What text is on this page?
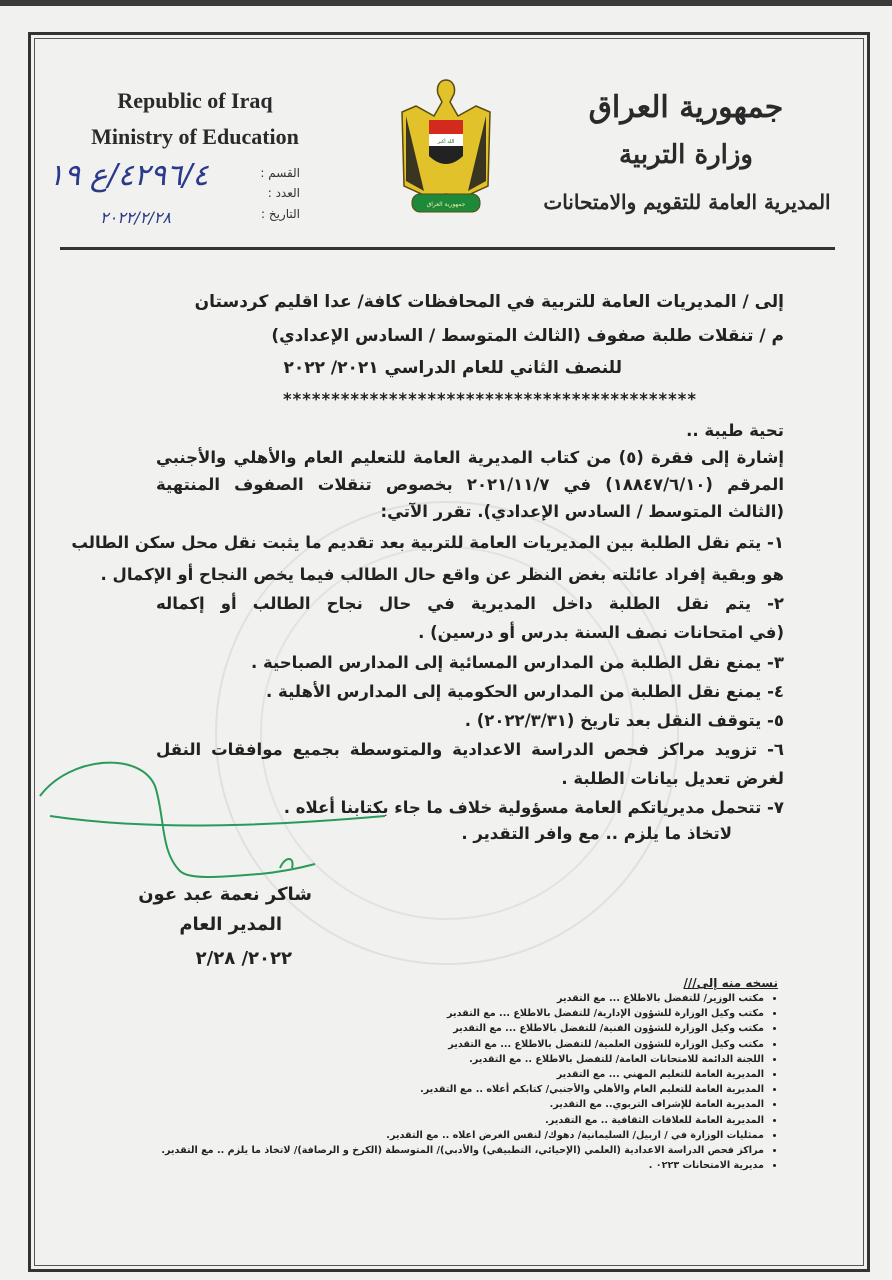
Republic of Iraq
Ministry of Education
القسم :
العدد :
التاريخ :
٤٢٩٦/٤/ع ١٩
٢٠٢٢/٢/٢٨
الله أكبر
جمهورية العراق
جمهورية العراق
وزارة التربية
المديرية العامة للتقويم والامتحانات
إلى / المديريات العامة للتربية في المحافظات كافة/ عدا اقليم كردستان
م / تنقلات طلبة صفوف (الثالث المتوسط / السادس الإعدادي)
للنصف الثاني للعام الدراسي ٢٠٢١/ ٢٠٢٢
*******************************************
تحية طيبة ..
إشارة إلى فقرة (٥) من كتاب المديرية العامة للتعليم العام والأهلي والأجنبي
المرقم (١٨٨٤٧/٦/١٠) في ٢٠٢١/١١/٧ بخصوص تنقلات الصفوف المنتهية
(الثالث المتوسط / السادس الإعدادي). تقرر الآتي:
١- يتم نقل الطلبة بين المديريات العامة للتربية بعد تقديم ما يثبت نقل محل سكن الطالب
هو وبقية إفراد عائلته بغض النظر عن واقع حال الطالب فيما يخص النجاح أو الإكمال .
٢- يتم نقل الطلبة داخل المديرية في حال نجاح الطالب أو إكماله
(في امتحانات نصف السنة بدرس أو درسين) .
٣- يمنع نقل الطلبة من المدارس المسائية إلى المدارس الصباحية .
٤- يمنع نقل الطلبة من المدارس الحكومية إلى المدارس الأهلية .
٥- يتوقف النقل بعد تاريخ (٢٠٢٢/٣/٣١) .
٦- تزويد مراكز فحص الدراسة الاعدادية والمتوسطة بجميع موافقات النقل
لغرض تعديل بيانات الطلبة .
٧- تتحمل مديرياتكم العامة مسؤولية خلاف ما جاء بكتابنا أعلاه .
لاتخاذ ما يلزم .. مع وافر التقدير .
شاكر نعمة عبد عون
المدير العام
٢٠٢٢/ ٢/٢٨
نسخه منه إلى///
• مكتب الوزير/ للتفضل بالاطلاع ... مع التقدير
• مكتب وكيل الوزارة للشؤون الإدارية/ للتفضل بالاطلاع ... مع التقدير
• مكتب وكيل الوزارة للشؤون الفنية/ للتفضل بالاطلاع ... مع التقدير
• مكتب وكيل الوزارة للشؤون العلمية/ للتفضل بالاطلاع ... مع التقدير
• اللجنة الدائمة للامتحانات العامة/ للتفضل بالاطلاع .. مع التقدير.
• المديرية العامة للتعليم المهني ... مع التقدير
• المديرية العامة للتعليم العام والأهلي والأجنبي/ كتابكم أعلاه .. مع التقدير.
• المديرية العامة للإشراف التربوي.. مع التقدير.
• المديرية العامة للعلاقات الثقافية .. مع التقدير.
• ممثليات الوزارة في / اربيل/ السليمانية/ دهوك/ لنفس الغرض اعلاه .. مع التقدير.
• مراكز فحص الدراسة الاعدادية (العلمي (الإحيائي، التطبيقي) والأدبي)/ المتوسطة (الكرخ و الرصافة)/ لاتخاذ ما يلزم .. مع التقدير.
• مديرية الامتحانات ٠٢٢٣ .
